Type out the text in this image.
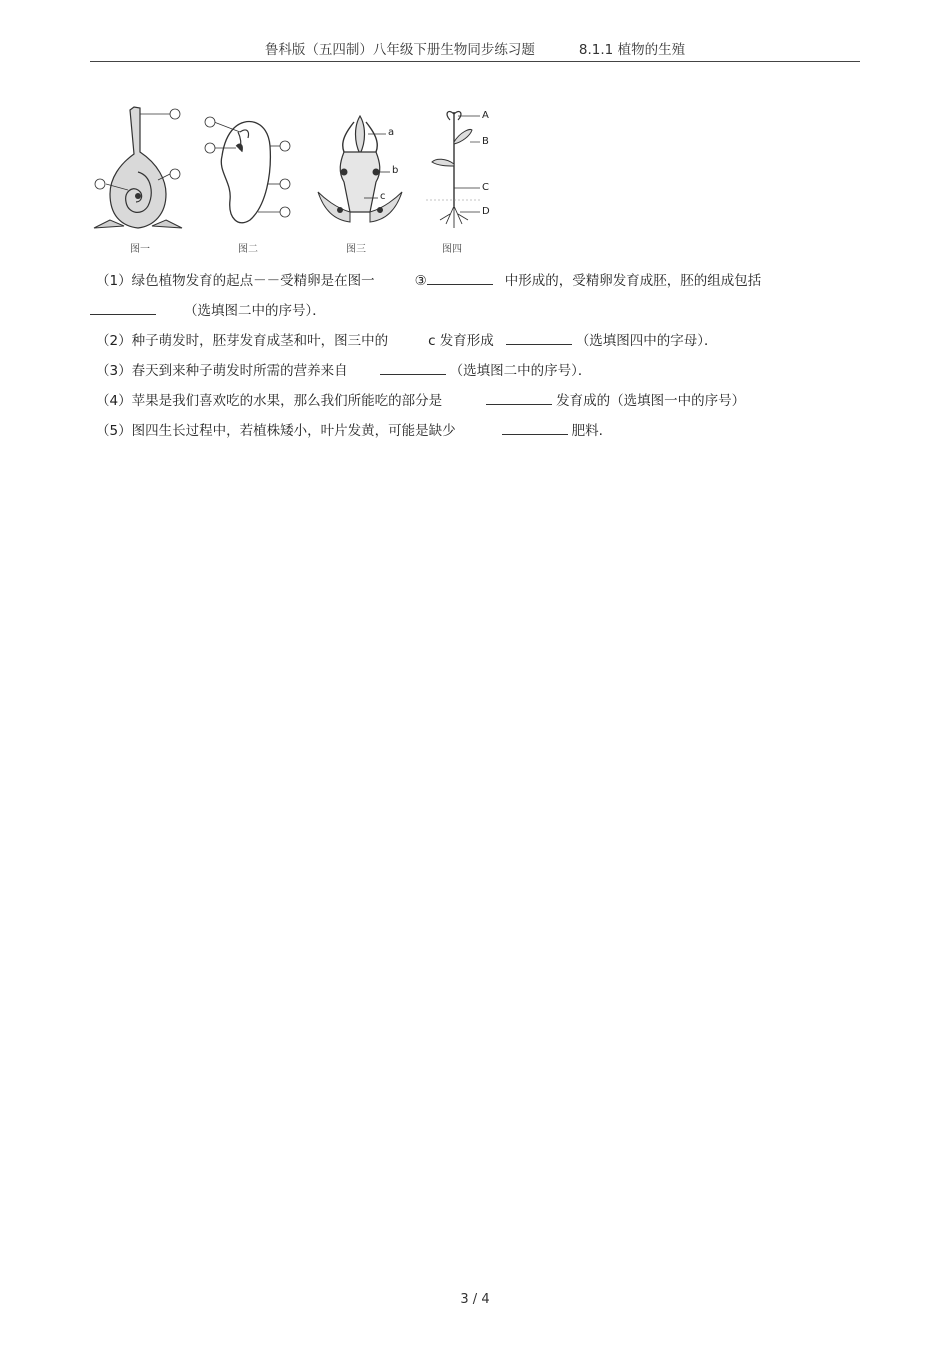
鲁科版（五四制）八年级下册生物同步练习题	8.1.1 植物的生殖
图一	图二	图三
a
b
c
图四
A
B
C
D
（1）绿色植物发育的起点－－受精卵是在图一	③	中形成的，受精卵发育成胚，胚的组成包括
（选填图二中的序号）．
（2）种子萌发时，胚芽发育成茎和叶，图三中的	c 发育形成	（选填图四中的字母）．
（3）春天到来种子萌发时所需的营养来自	（选填图二中的序号）．
（4）苹果是我们喜欢吃的水果，那么我们所能吃的部分是	发育成的（选填图一中的序号）
（5）图四生长过程中，若植株矮小，叶片发黄，可能是缺少	肥料.
3 / 4
